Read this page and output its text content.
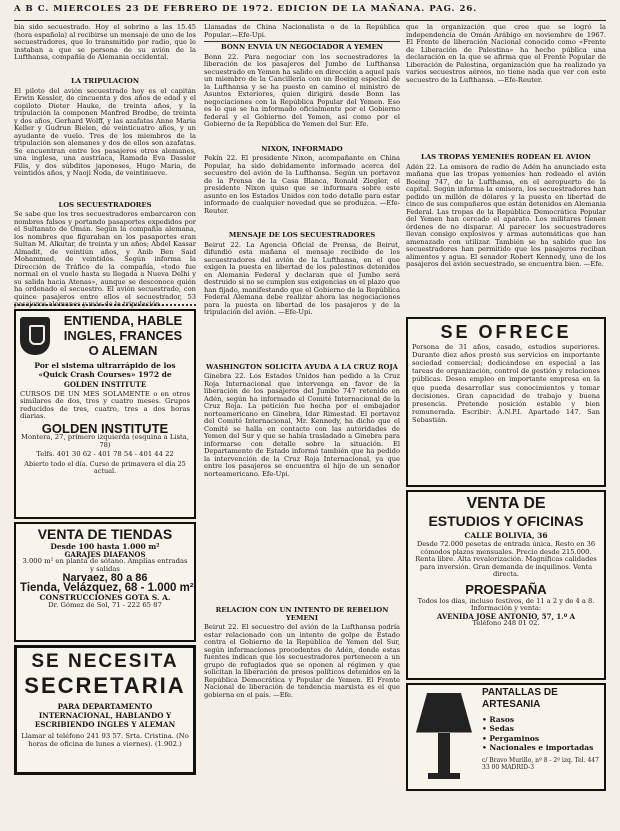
A B C. MIERCOLES 23 DE FEBRERO DE 1972. EDICION DE LA MAÑANA. PAG. 26.

bia sido secuestrado. Hoy el sobrino a las 15.45 (hora española) al recibirse un mensaje de uno de los secuestradores, que lo transmitido por radio, que le instaban a que se persona de su avión de la Lufthansa, compañía de Alemania occidental.

LA TRIPULACION

El piloto del avión secuestrado hoy es el capitán Erwin Kessler, de cincuenta y dos años de edad y el copiloto Dieter Hauke, de treinta años, y la tripulación la componen Manfred Brodbe, de treinta y dos años, Gerhard Wolff, y las azafatas Anne Maria Keller y Gudrun Bielen, de veinticuatro años, y un ayudante de vuelo. Tres de los miembros de la tripulación son alemanes y dos de ellos son azafatas. Se encuentran entre los pasajeros otros alemanes, una inglesa, una austríaca, Ramada Eva Dassler Filis, y dos súbditos japoneses, Hugo Maria, de veintidós años, y Naoji Noda, de veintinueve.

LOS SECUESTRADORES

Se sabe que los tres secuestradores embarcaron con nombres falsos y portando pasaportes expedidos por el Sultanato de Omán. Según la compañía alemana, los nombres que figuraban en los pasaportes eran Sultan M. Alkutar, de treinta y un años; Abdel Kassar Almadit, de veintiún años, y Anib Ben Said Mohammed, de veintidós. Según informa la Dirección de Tráfico de la compañía, «todo fue normal en el vuelo hasta su llegada a Nueva Delhi y su salida hacia Atenas», aunque se desconoce quién ha ordenado el secuestro. El avión secuestrado, con quince pasajeros entre ellos el secuestrador, 53 pasajeros alemanes y más de la tripulación.

ENTIENDA, HABLE
INGLES, FRANCES
O ALEMAN
Por el sistema ultrarrápido de los «Quick Crash Courses» 1972 de
GOLDEN INSTITUTE

CURSOS DE UN MES SOLAMENTE o en otros similares de dos, tres y cuatro meses. Grupos reducidos de tres, cuatro, tres a dos horas diarias.

GOLDEN INSTITUTE
Montera, 27, primero izquierda (esquina a Lista, 78)
Telfs. 401 30 62 - 401 78 54 - 401 44 22
Abierto todo el día. Curso de primavera el día 25 actual.
VENTA DE TIENDAS
Desde 100 hasta 1.000 m²
GARAJES DIAFANOS
3.000 m² en planta de sótano. Amplias entradas y salidas
Narvaez, 80 a 86
Tienda, Velázquez, 68 - 1.000 m²
CONSTRUCCIONES GOTA S. A.
Dr. Gómez de Sol, 71 - 222 65 87
SE NECESITA
SECRETARIA
PARA DEPARTAMENTO INTERNACIONAL, HABLANDO Y ESCRIBIENDO INGLES Y ALEMAN
Llamar al teléfono 241 93 57. Srta. Cristina. (No horas de oficina de lunes a viernes). (1.902.)

Llamadas de China Nacionalista o de la República Popular.—Efe-Upi.

BONN ENVIA UN NEGOCIADOR A YEMEN

Bonn 22. Para negociar con los secuestradores la liberación de los pasajeros del Jumbo de Lufthansa secuestrado en Yemen ha salido en dirección a aquel país un miembro de la Cancillería con un Boeing especial de la Lufthansa y se ha puesto en camino el ministro de Asuntos Exteriores, quien dirigirá desde Bonn las negociaciones con la República Popular del Yemen. Eso es lo que se ha informado oficialmente por el Gobierno federal y el Gobierno del Yemen, así como por el Gobierno de la República de Yemen del Sur. Efe.

NIXON, INFORMADO

Pekín 22. El presidente Nixon, acompañante en China Popular, ha sido debidamente informado acerca del secuestro del avión de la Lufthansa. Según un portavoz de la Prensa de la Casa Blanca, Ronald Ziegler, el presidente Nixon quiso que se informara sobre este asunto en los Estados Unidos con todo detalle para estar informado de cualquier novedad que se produzca. —Efe-Reuter.

MENSAJE DE LOS SECUESTRADORES

Beirut 22. La Agencia Oficial de Prensa, de Beirut, difundió esta mañana el mensaje recibido de los secuestradores del avión de la Lufthansa, en el que exigen la puesta en libertad de los palestinos detenidos en Alemania Federal y declaran que el Jumbo será destruido si no se cumplen sus exigencias en el plazo que han fijado, manifestando que el Gobierno de la República Federal Alemana debe realizar ahora las negociaciones para la puesta en libertad de los pasajeros y de la tripulación del avión. —Efe-Upi.

WASHINGTON SOLICITA AYUDA A LA CRUZ ROJA

Ginebra 22. Los Estados Unidos han pedido a la Cruz Roja Internacional que intervenga en favor de la liberación de los pasajeros del Jumbo 747 retenido en Adén, según ha informado el Comité Internacional de la Cruz Roja. La petición fue hecha por el embajador norteamericano en Ginebra, Idar Rimestad. El portavoz del Comité Internacional, Mr. Kennedy, ha dicho que el Comité se halla en contacto con las autoridades de Yemen del Sur y que se había trasladado a Ginebra para informarse con detalle sobre la situación. El Departamento de Estado informó también que ha pedido la intervención de la Cruz Roja Internacional, ya que entre los pasajeros se encuentra el hijo de un senador norteamericano. Efe-Upi.

RELACION CON UN INTENTO DE REBELION YEMENI

Beirut 22. El secuestro del avión de la Lufthansa podría estar relacionado con un intento de golpe de Estado contra el Gobierno de la República de Yemen del Sur, según informaciones procedentes de Adén, donde estas fuentes indican que los secuestradores pertenecen a un grupo de refugiados que se oponen al régimen y que solicitan la liberación de presos políticos detenidos en la República Democrática y Popular de Yemen. El Frente Nacional de liberación de tendencia marxista es el que gobierna en el país. —Efe.

que la organización que cree que se logró la independencia de Omán Arábigo en noviembre de 1967. El Frente de liberación Nacional conocido como «Frente de Liberación de Palestina» ha hecho pública una declaración en la que se afirma que el Frente Popular de Liberación de Palestina, organización que ha realizado ya varios secuestros aéreos, no tiene nada que ver con este secuestro de la Lufthansa. —Efe-Reuter.

LAS TROPAS YEMENIES RODEAN EL AVION

Adén 22. La emisora de radio de Adén ha anunciado esta mañana que las tropas yemeníes han rodeado el avión Boeing 747, de la Lufthansa, en el aeropuerto de la capital. Según informa la emisora, los secuestradores han pedido un millón de dólares y la puesta en libertad de cinco de sus compañeros que están detenidos en Alemania Federal. Las tropas de la República Democrática Popular del Yemen han cercado el aparato. Los militares tienen órdenes de no disparar. Al parecer los secuestradores llevan consigo explosivos y armas automáticas que han amenazado con utilizar. También se ha sabido que los secuestradores han permitido que los pasajeros reciban alimentos y agua. El senador Robert Kennedy, uno de los pasajeros del avión secuestrado, se encuentra bien. —Efe.

SE OFRECE

Persona de 31 años, casado, estudios superiores. Durante diez años prestó sus servicios en importante sociedad comercial; dedicándose en especial a las tareas de organización, control de gestión y relaciones públicas. Desea empleo en importante empresa en la que pueda desarrollar sus conocimientos y tomar decisiones. Gran capacidad de trabajo y buena presencia. Pretende posición estable y bien remunerada. Escribir: A.N.P.I. Apartado 147. San Sebastián.

VENTA DE
ESTUDIOS Y OFICINAS
CALLE BOLIVIA, 36

Desde 72.000 pesetas de entrada única. Resto en 36 cómodos plazos mensuales. Precio desde 215.000. Renta libre. Alta revalorización. Magníficas calidades para inversión. Gran demanda de inquilinos. Venta directa.

PROESPAÑA
Todos los días, incluso festivos, de 11 a 2 y de 4 a 8. Información y venta:
AVENIDA JOSE ANTONIO, 57, 1.º A
Teléfono 248 01 02.
PANTALLAS DE ARTESANIA
• Rasos
• Sedas
• Pergaminos
• Nacionales e importadas
c/ Bravo Murillo, nº 8 - 2º izq. Tel. 447 33 00 MADRID-3
